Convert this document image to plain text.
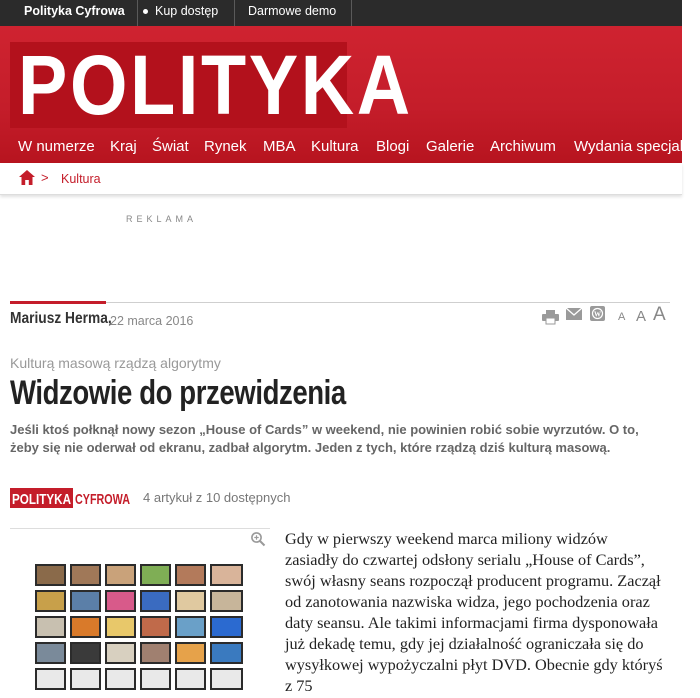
Polityka Cyfrowa Kup dostęp Darmowe demo
POLITYKA
W numerze Kraj Świat Rynek MBA Kultura Blogi Galerie Archiwum Wydania specjalne
> Kultura
REKLAMA
Mariusz Herma,
22 marca 2016	W A A A
Kulturą masową rządzą algorytmy
Widzowie do przewidzenia

Jeśli ktoś połknął nowy sezon „House of Cards” w weekend, nie powinien robić sobie wyrzutów. O to, żeby się nie oderwał od ekranu, zadbał algorytm. Jeden z tych, które rządzą dziś kulturą masową.

POLITYKA CYFROWA 4 artykuł z 10 dostępnych
Gdy w pierwszy weekend marca miliony widzów zasiadły do czwartej odsłony serialu „House of Cards”, swój własny seans rozpoczął producent programu. Zaczął od zanotowania nazwiska widza, jego pochodzenia oraz daty seansu. Ale takimi informacjami firma dysponowała już dekadę temu, gdy jej działalność ograniczała się do wysyłkowej wypożyczalni płyt DVD. Obecnie gdy któryś z 75
